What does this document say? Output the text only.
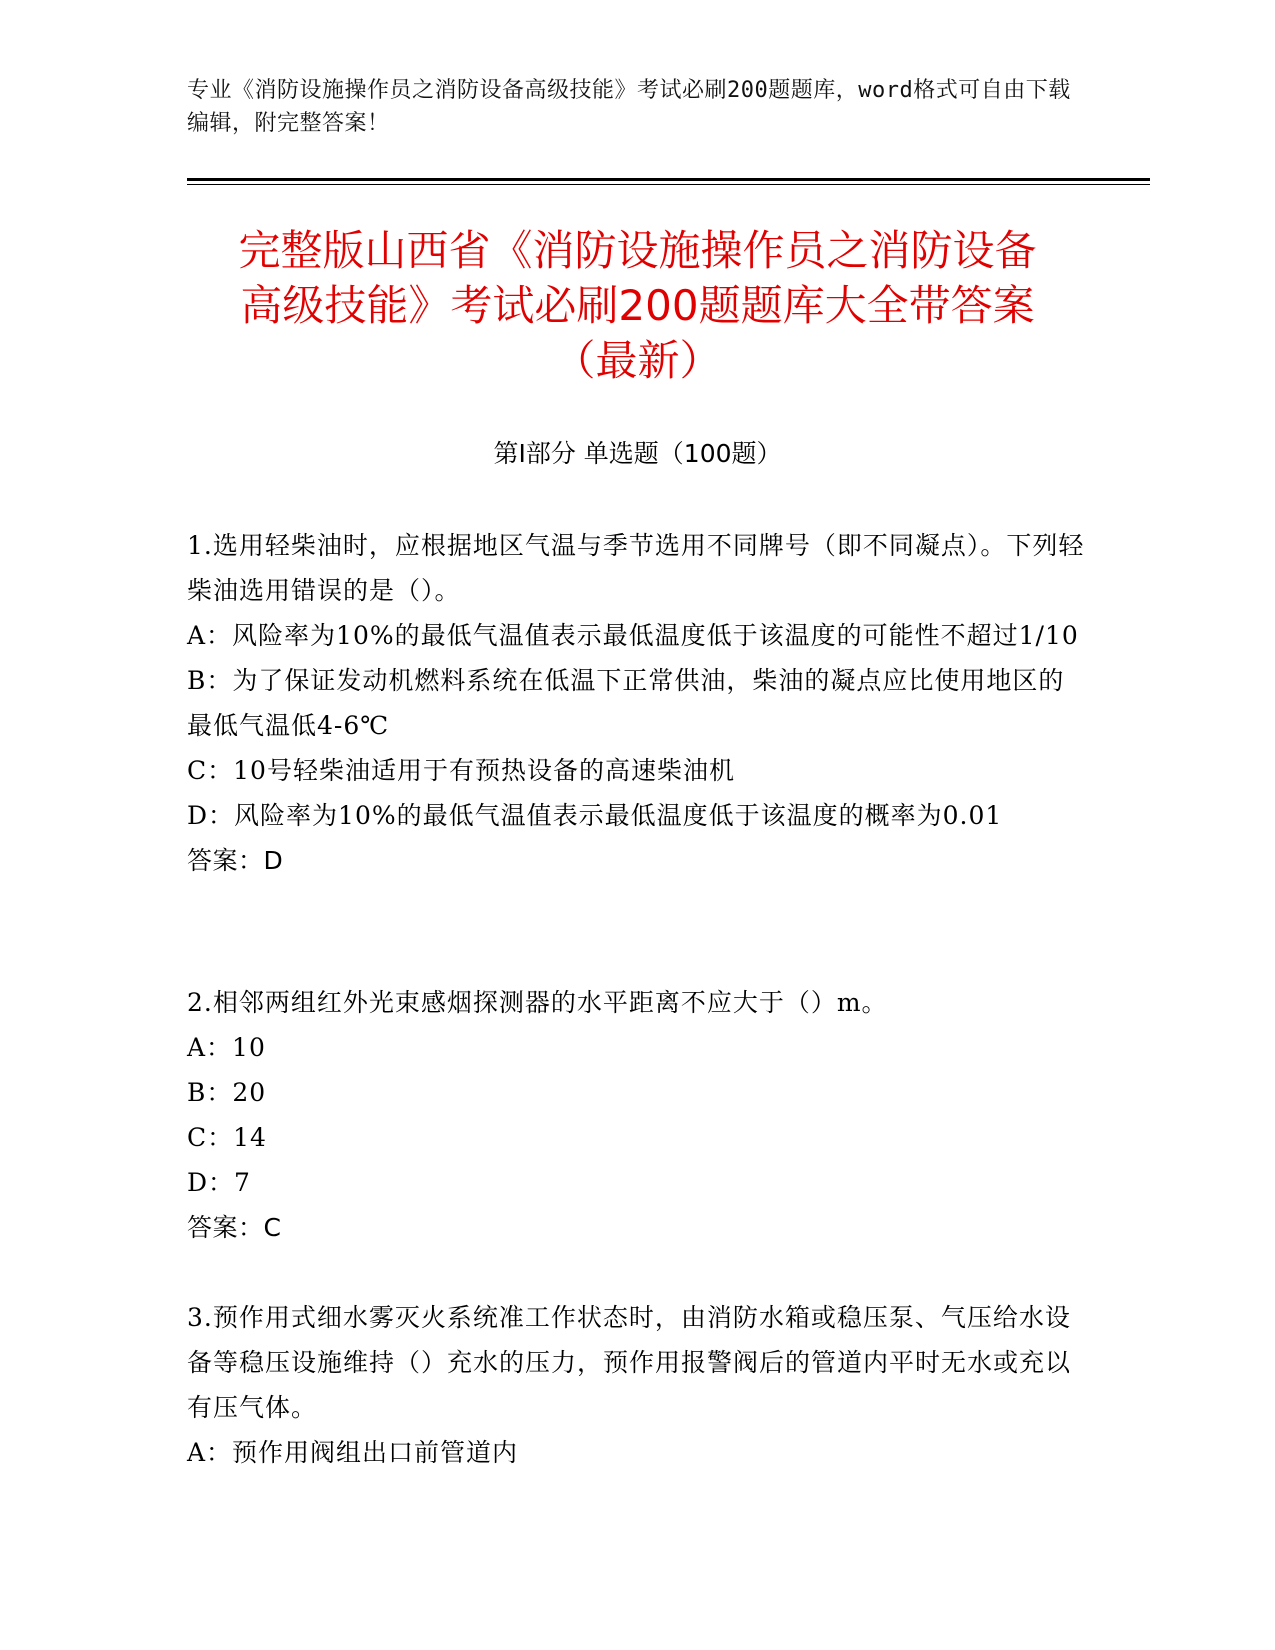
专业《消防设施操作员之消防设备高级技能》考试必刷200题题库，word格式可自由下载编辑，附完整答案！
完整版山西省《消防设施操作员之消防设备
高级技能》考试必刷200题题库大全带答案
（最新）
第Ⅰ部分 单选题（100题）
1.选用轻柴油时，应根据地区气温与季节选用不同牌号（即不同凝点）。下列轻柴油选用错误的是（）。
A：风险率为10%的最低气温值表示最低温度低于该温度的可能性不超过1/10
B：为了保证发动机燃料系统在低温下正常供油，柴油的凝点应比使用地区的最低气温低4-6℃
C：10号轻柴油适用于有预热设备的高速柴油机
D：风险率为10%的最低气温值表示最低温度低于该温度的概率为0.01
答案：D
2.相邻两组红外光束感烟探测器的水平距离不应大于（）m。
A：10
B：20
C：14
D：7
答案：C
3.预作用式细水雾灭火系统准工作状态时，由消防水箱或稳压泵、气压给水设备等稳压设施维持（）充水的压力，预作用报警阀后的管道内平时无水或充以有压气体。
A：预作用阀组出口前管道内
